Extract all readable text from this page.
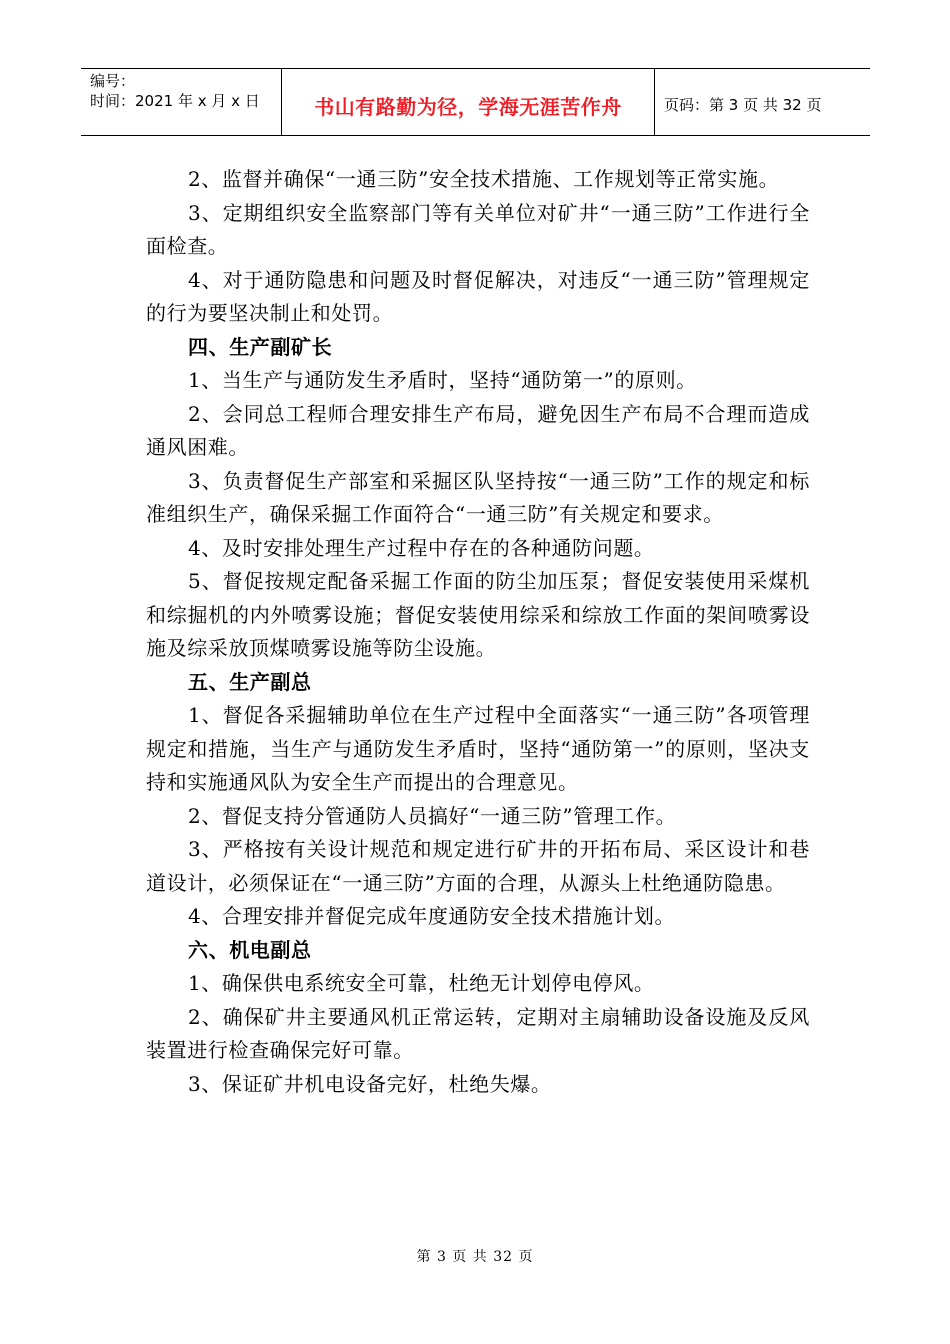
编号：
时间：2021 年 x 月 x 日	书山有路勤为径，学海无涯苦作舟	页码：第 3 页 共 32 页

2、监督并确保“一通三防”安全技术措施、工作规划等正常实施。

3、定期组织安全监察部门等有关单位对矿井“一通三防”工作进行全面检查。

4、对于通防隐患和问题及时督促解决，对违反“一通三防”管理规定的行为要坚决制止和处罚。

四、生产副矿长

1、当生产与通防发生矛盾时，坚持“通防第一”的原则。

2、会同总工程师合理安排生产布局，避免因生产布局不合理而造成通风困难。

3、负责督促生产部室和采掘区队坚持按“一通三防”工作的规定和标准组织生产，确保采掘工作面符合“一通三防”有关规定和要求。

4、及时安排处理生产过程中存在的各种通防问题。

5、督促按规定配备采掘工作面的防尘加压泵；督促安装使用采煤机和综掘机的内外喷雾设施；督促安装使用综采和综放工作面的架间喷雾设施及综采放顶煤喷雾设施等防尘设施。

五、生产副总

1、督促各采掘辅助单位在生产过程中全面落实“一通三防”各项管理规定和措施，当生产与通防发生矛盾时，坚持“通防第一”的原则，坚决支持和实施通风队为安全生产而提出的合理意见。

2、督促支持分管通防人员搞好“一通三防”管理工作。

3、严格按有关设计规范和规定进行矿井的开拓布局、采区设计和巷道设计，必须保证在“一通三防”方面的合理，从源头上杜绝通防隐患。

4、合理安排并督促完成年度通防安全技术措施计划。

六、机电副总

1、确保供电系统安全可靠，杜绝无计划停电停风。

2、确保矿井主要通风机正常运转，定期对主扇辅助设备设施及反风装置进行检查确保完好可靠。

3、保证矿井机电设备完好，杜绝失爆。

第 3 页 共 32 页
